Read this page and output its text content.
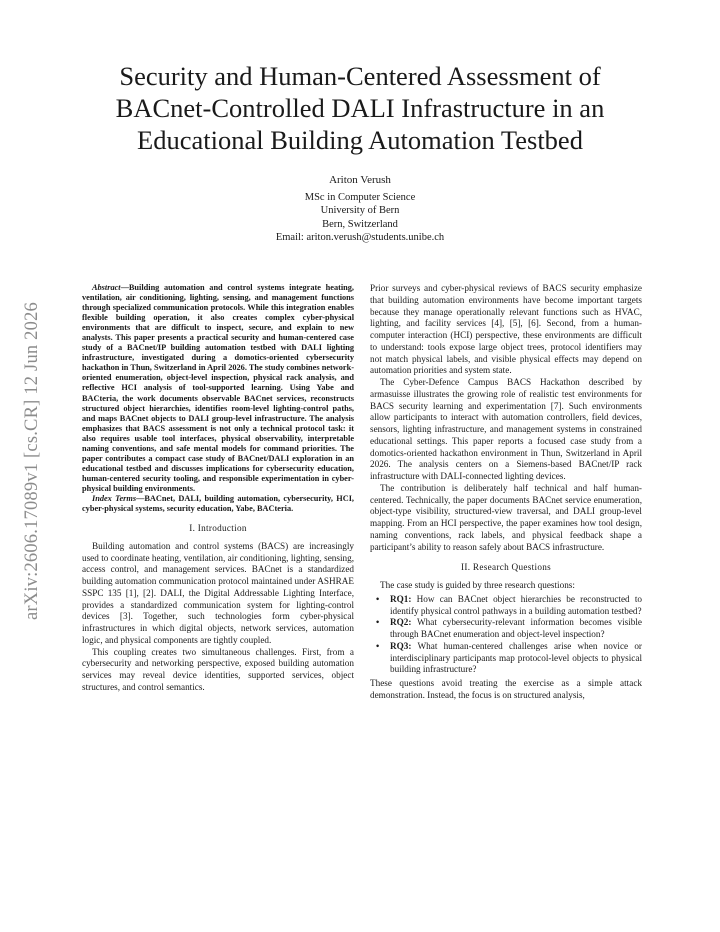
arXiv:2606.17089v1 [cs.CR] 12 Jun 2026
Security and Human-Centered Assessment of BACnet-Controlled DALI Infrastructure in an Educational Building Automation Testbed
Ariton Verush
MSc in Computer Science
University of Bern
Bern, Switzerland
Email: ariton.verush@students.unibe.ch

Abstract—Building automation and control systems integrate heating, ventilation, air conditioning, lighting, sensing, and management functions through specialized communication protocols. While this integration enables flexible building operation, it also creates complex cyber-physical environments that are difficult to inspect, secure, and explain to new analysts. This paper presents a practical security and human-centered case study of a BACnet/IP building automation testbed with DALI lighting infrastructure, investigated during a domotics-oriented cybersecurity hackathon in Thun, Switzerland in April 2026. The study combines network-oriented enumeration, object-level inspection, physical rack analysis, and reflective HCI analysis of tool-supported learning. Using Yabe and BACteria, the work documents observable BACnet services, reconstructs structured object hierarchies, identifies room-level lighting-control paths, and maps BACnet objects to DALI group-level infrastructure. The analysis emphasizes that BACS assessment is not only a technical protocol task: it also requires usable tool interfaces, physical observability, interpretable naming conventions, and safe mental models for command priorities. The paper contributes a compact case study of BACnet/DALI exploration in an educational testbed and discusses implications for cybersecurity education, human-centered security tooling, and responsible experimentation in cyber-physical building environments.

Index Terms—BACnet, DALI, building automation, cybersecurity, HCI, cyber-physical systems, security education, Yabe, BACteria.

I. Introduction

Building automation and control systems (BACS) are increasingly used to coordinate heating, ventilation, air conditioning, lighting, sensing, access control, and management services. BACnet is a standardized building automation communication protocol maintained under ASHRAE SSPC 135 [1], [2]. DALI, the Digital Addressable Lighting Interface, provides a standardized communication system for lighting-control devices [3]. Together, such technologies form cyber-physical infrastructures in which digital objects, network services, automation logic, and physical components are tightly coupled.

This coupling creates two simultaneous challenges. First, from a cybersecurity and networking perspective, exposed building automation services may reveal device identities, supported services, object structures, and control semantics.

Prior surveys and cyber-physical reviews of BACS security emphasize that building automation environments have become important targets because they manage operationally relevant functions such as HVAC, lighting, and facility services [4], [5], [6]. Second, from a human-computer interaction (HCI) perspective, these environments are difficult to understand: tools expose large object trees, protocol identifiers may not match physical labels, and visible physical effects may depend on automation priorities and system state.

The Cyber-Defence Campus BACS Hackathon described by armasuisse illustrates the growing role of realistic test environments for BACS security learning and experimentation [7]. Such environments allow participants to interact with automation controllers, field devices, sensors, lighting infrastructure, and management systems in constrained educational settings. This paper reports a focused case study from a domotics-oriented hackathon environment in Thun, Switzerland in April 2026. The analysis centers on a Siemens-based BACnet/IP rack infrastructure with DALI-connected lighting devices.

The contribution is deliberately half technical and half human-centered. Technically, the paper documents BACnet service enumeration, object-type visibility, structured-view traversal, and DALI group-level mapping. From an HCI perspective, the paper examines how tool design, naming conventions, rack labels, and physical feedback shape a participant’s ability to reason safely about BACS infrastructure.

II. Research Questions

The case study is guided by three research questions:

• RQ1: How can BACnet object hierarchies be reconstructed to identify physical control pathways in a building automation testbed?
• RQ2: What cybersecurity-relevant information becomes visible through BACnet enumeration and object-level inspection?
• RQ3: What human-centered challenges arise when novice or interdisciplinary participants map protocol-level objects to physical building infrastructure?

These questions avoid treating the exercise as a simple attack demonstration. Instead, the focus is on structured analysis,
